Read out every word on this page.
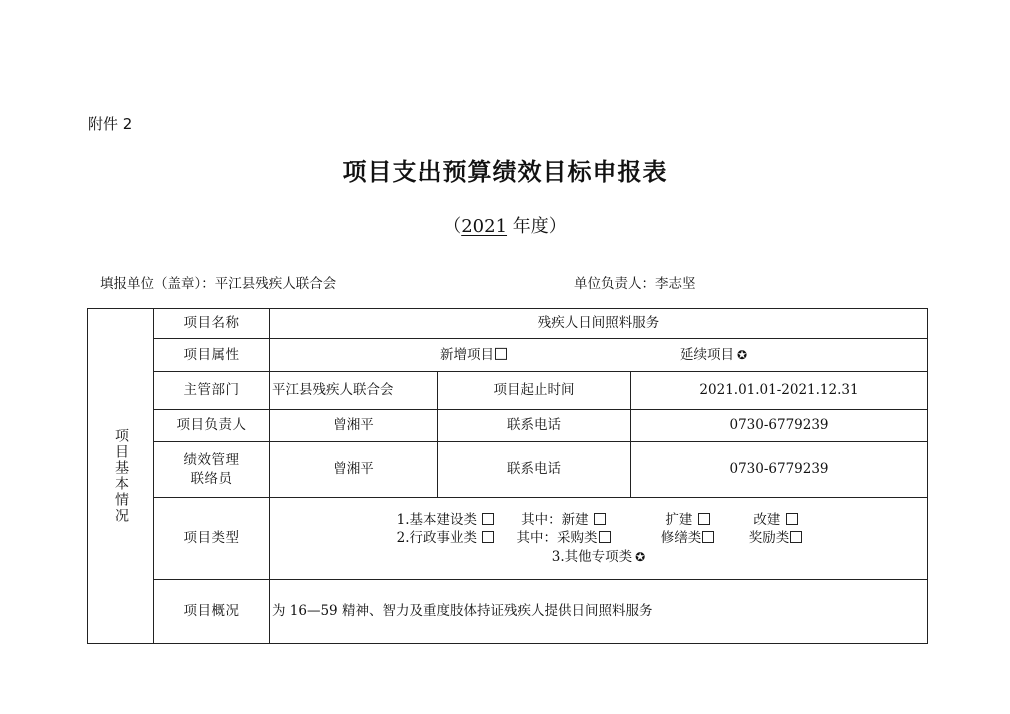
附件 2
项目支出预算绩效目标申报表
（2021 年度）
填报单位（盖章）：平江县残疾人联合会	单位负责人：李志坚
项目基本情况	项目名称	残疾人日间照料服务		
	项目属性	新增项目 延续项目 ✪		

	主管部门	平江县残疾人联合会	项目起止时间	2021.01.01-2021.12.31
	项目负责人	曾湘平	联系电话	0730-6779239

	绩效管理
联络员	曾湘平	联系电话	0730-6779239
	项目类型	1.基本建设类 其中：新建 扩建 改建
2.行政事业类 其中：采购类 修缮类 奖励类
3.其他专项类 ✪		

	项目概况	为 16—59 精神、智力及重度肢体持证残疾人提供日间照料服务		
